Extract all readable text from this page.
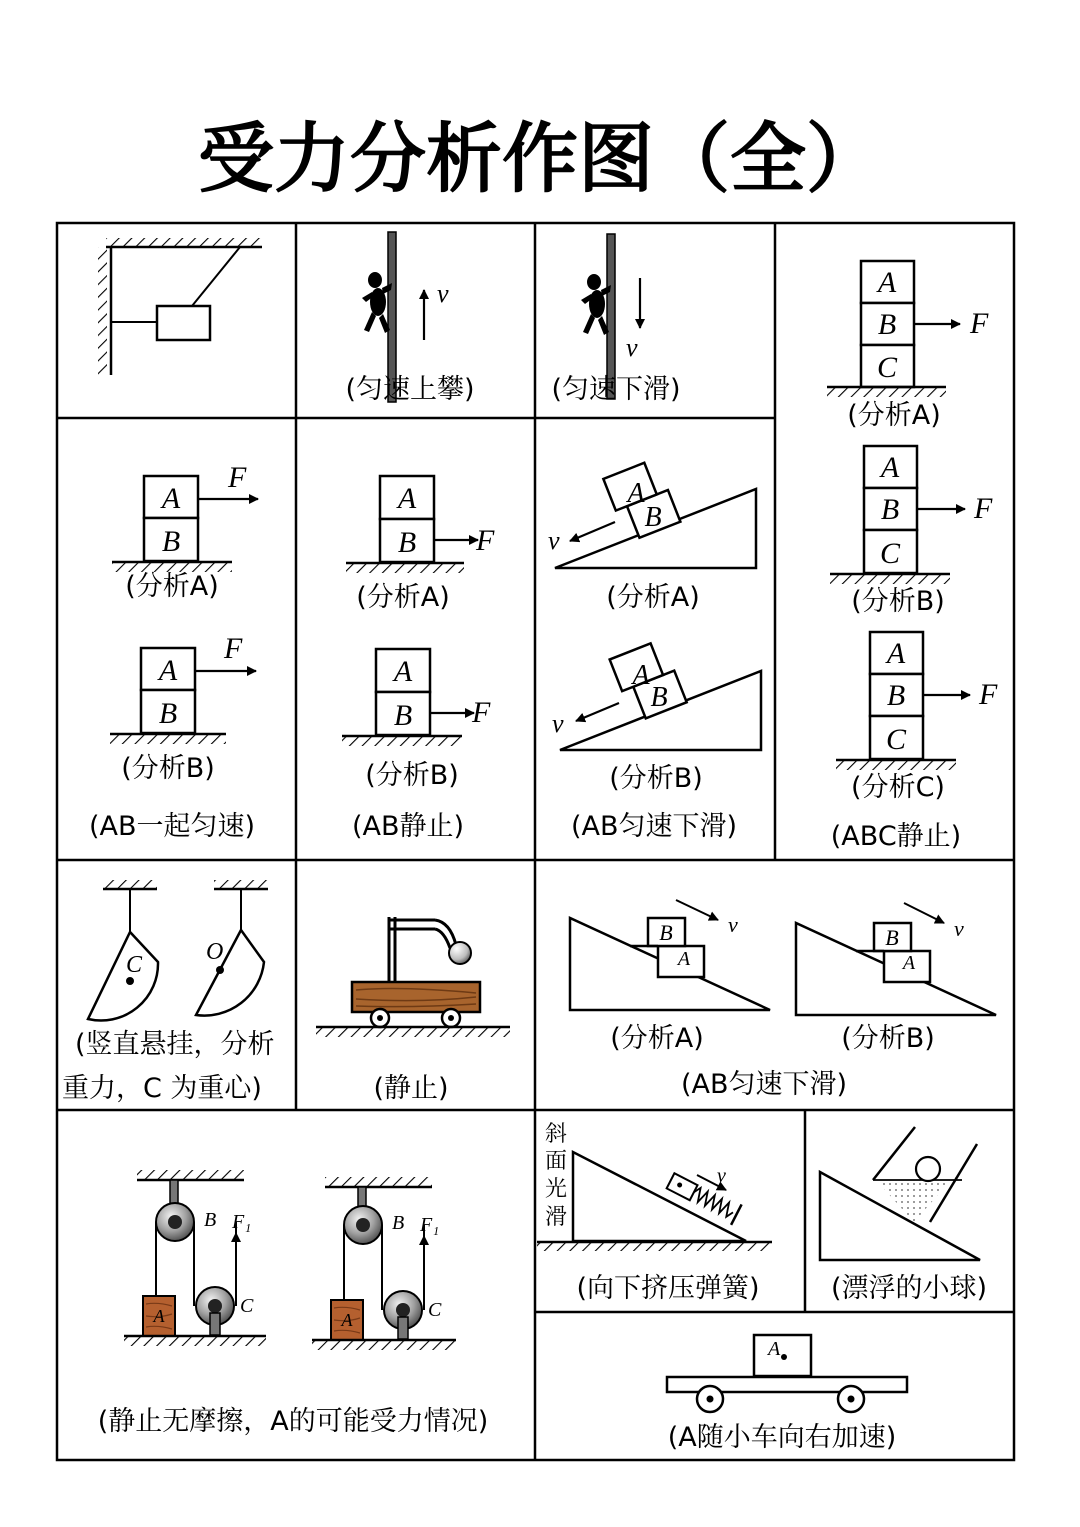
受力分析作图（全）
v
(匀速上攀)
v
(匀速下滑)
A
B
C
F
(分析A)
A
B
C
F
(分析B)
A
B
C
F
(分析C)
(ABC静止)
A
B
F
(分析A)
A
B
F
(分析B)
(AB一起匀速)
A
B F
(分析A)
A
B F
(分析B)
(AB静止)
A
B
v
(分析A)
A
B
v
(分析B)
(AB匀速下滑)
C	O
(竖直悬挂，分析
重力，C 为重心)	(静止)
B
A
v
(分析A)
B
A
v
(分析B)
(AB匀速下滑)
A
B
C
F₁
A
B
C
F₁
(静止无摩擦，A的可能受力情况)
斜
面
光
滑
v
(向下挤压弹簧)	(漂浮的小球)
A
(A随小车向右加速)
